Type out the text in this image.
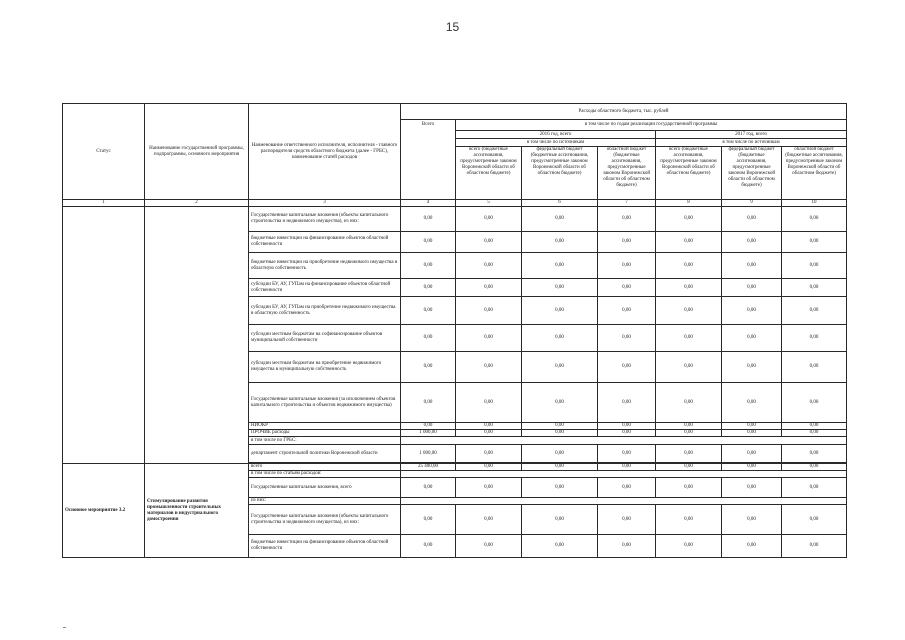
15
Статус	Наименование государственной программы, подпрограммы, основного мероприятия	Наименование ответственного исполнителя, исполнителя - главного распорядителя средств областного бюджета (далее - ГРБС), наименование статей расходов	Расходы областного бюджета, тыс. рублей						
			Всего	в том числе по годам реализации государственной программы					
				2016 год, всего			2017 год, всего		
				в том числе по источникам			в том числе по источникам		
				всего (бюджетные ассигнования, предусмотренные законом Воронежской области об областном бюджете)	федеральный бюджет (бюджетные ассигнования, предусмотренные законом Воронежской области об областном бюджете)	областной бюджет (бюджетные ассигнования, предусмотренные законом Воронежской области об областном бюджете)	всего (бюджетные ассигнования, предусмотренные законом Воронежской области об областном бюджете)	федеральный бюджет (бюджетные ассигнования, предусмотренные законом Воронежской области об областном бюджете)	областной бюджет (бюджетные ассигнования, предусмотренные законом Воронежской области об областном бюджете)
1	2	3	4	5	6	7	8	9	10
		Государственные капитальные вложения (объекты капитального строительства и недвижимого имущества), из них:	0,00	0,00	0,00	0,00	0,00	0,00	0,00
		бюджетные инвестиции на финансирование объектов областной собственности	0,00	0,00	0,00	0,00	0,00	0,00	0,00
		бюджетные инвестиции на приобретение недвижимого имущества в областную собственность	0,00	0,00	0,00	0,00	0,00	0,00	0,00
		субсидии БУ, АУ, ГУПам на финансирование объектов областной собственности	0,00	0,00	0,00	0,00	0,00	0,00	0,00
		субсидии БУ, АУ, ГУПам на приобретение недвижимого имущества в областную собственность	0,00	0,00	0,00	0,00	0,00	0,00	0,00
		субсидии местным бюджетам на софинансирование объектов муниципальной собственности	0,00	0,00	0,00	0,00	0,00	0,00	0,00
		субсидии местным бюджетам на приобретение недвижимого имущества в муниципальную собственность	0,00	0,00	0,00	0,00	0,00	0,00	0,00
		Государственные капитальные вложения (за исключением объектов капитального строительства и объектов недвижимого имущества)	0,00	0,00	0,00	0,00	0,00	0,00	0,00
		НИОКР	0,00	0,00	0,00	0,00	0,00	0,00	0,00
		ПРОЧИЕ расходы	1 000,00	0,00	0,00	0,00	0,00	0,00	0,00
		в том числе по ГРБС:							
		департамент строительной политики Воронежской области	1 000,00	0,00	0,00	0,00	0,00	0,00	0,00

Основное мероприятие 3.2	Стимулирование развития промышленности строительных материалов и индустриального домостроения	всего	25 400,00	0,00	0,00	0,00	0,00	0,00	0,00
		в том числе по статьям расходов:							
		Государственные капитальные вложения, всего	0,00	0,00	0,00	0,00	0,00	0,00	0,00
		из них:							
		Государственные капитальные вложения (объекты капитального строительства и недвижимого имущества), из них:	0,00	0,00	0,00	0,00	0,00	0,00	0,00
		бюджетные инвестиции на финансирование объектов областной собственности	0,00	0,00	0,00	0,00	0,00	0,00	0,00
